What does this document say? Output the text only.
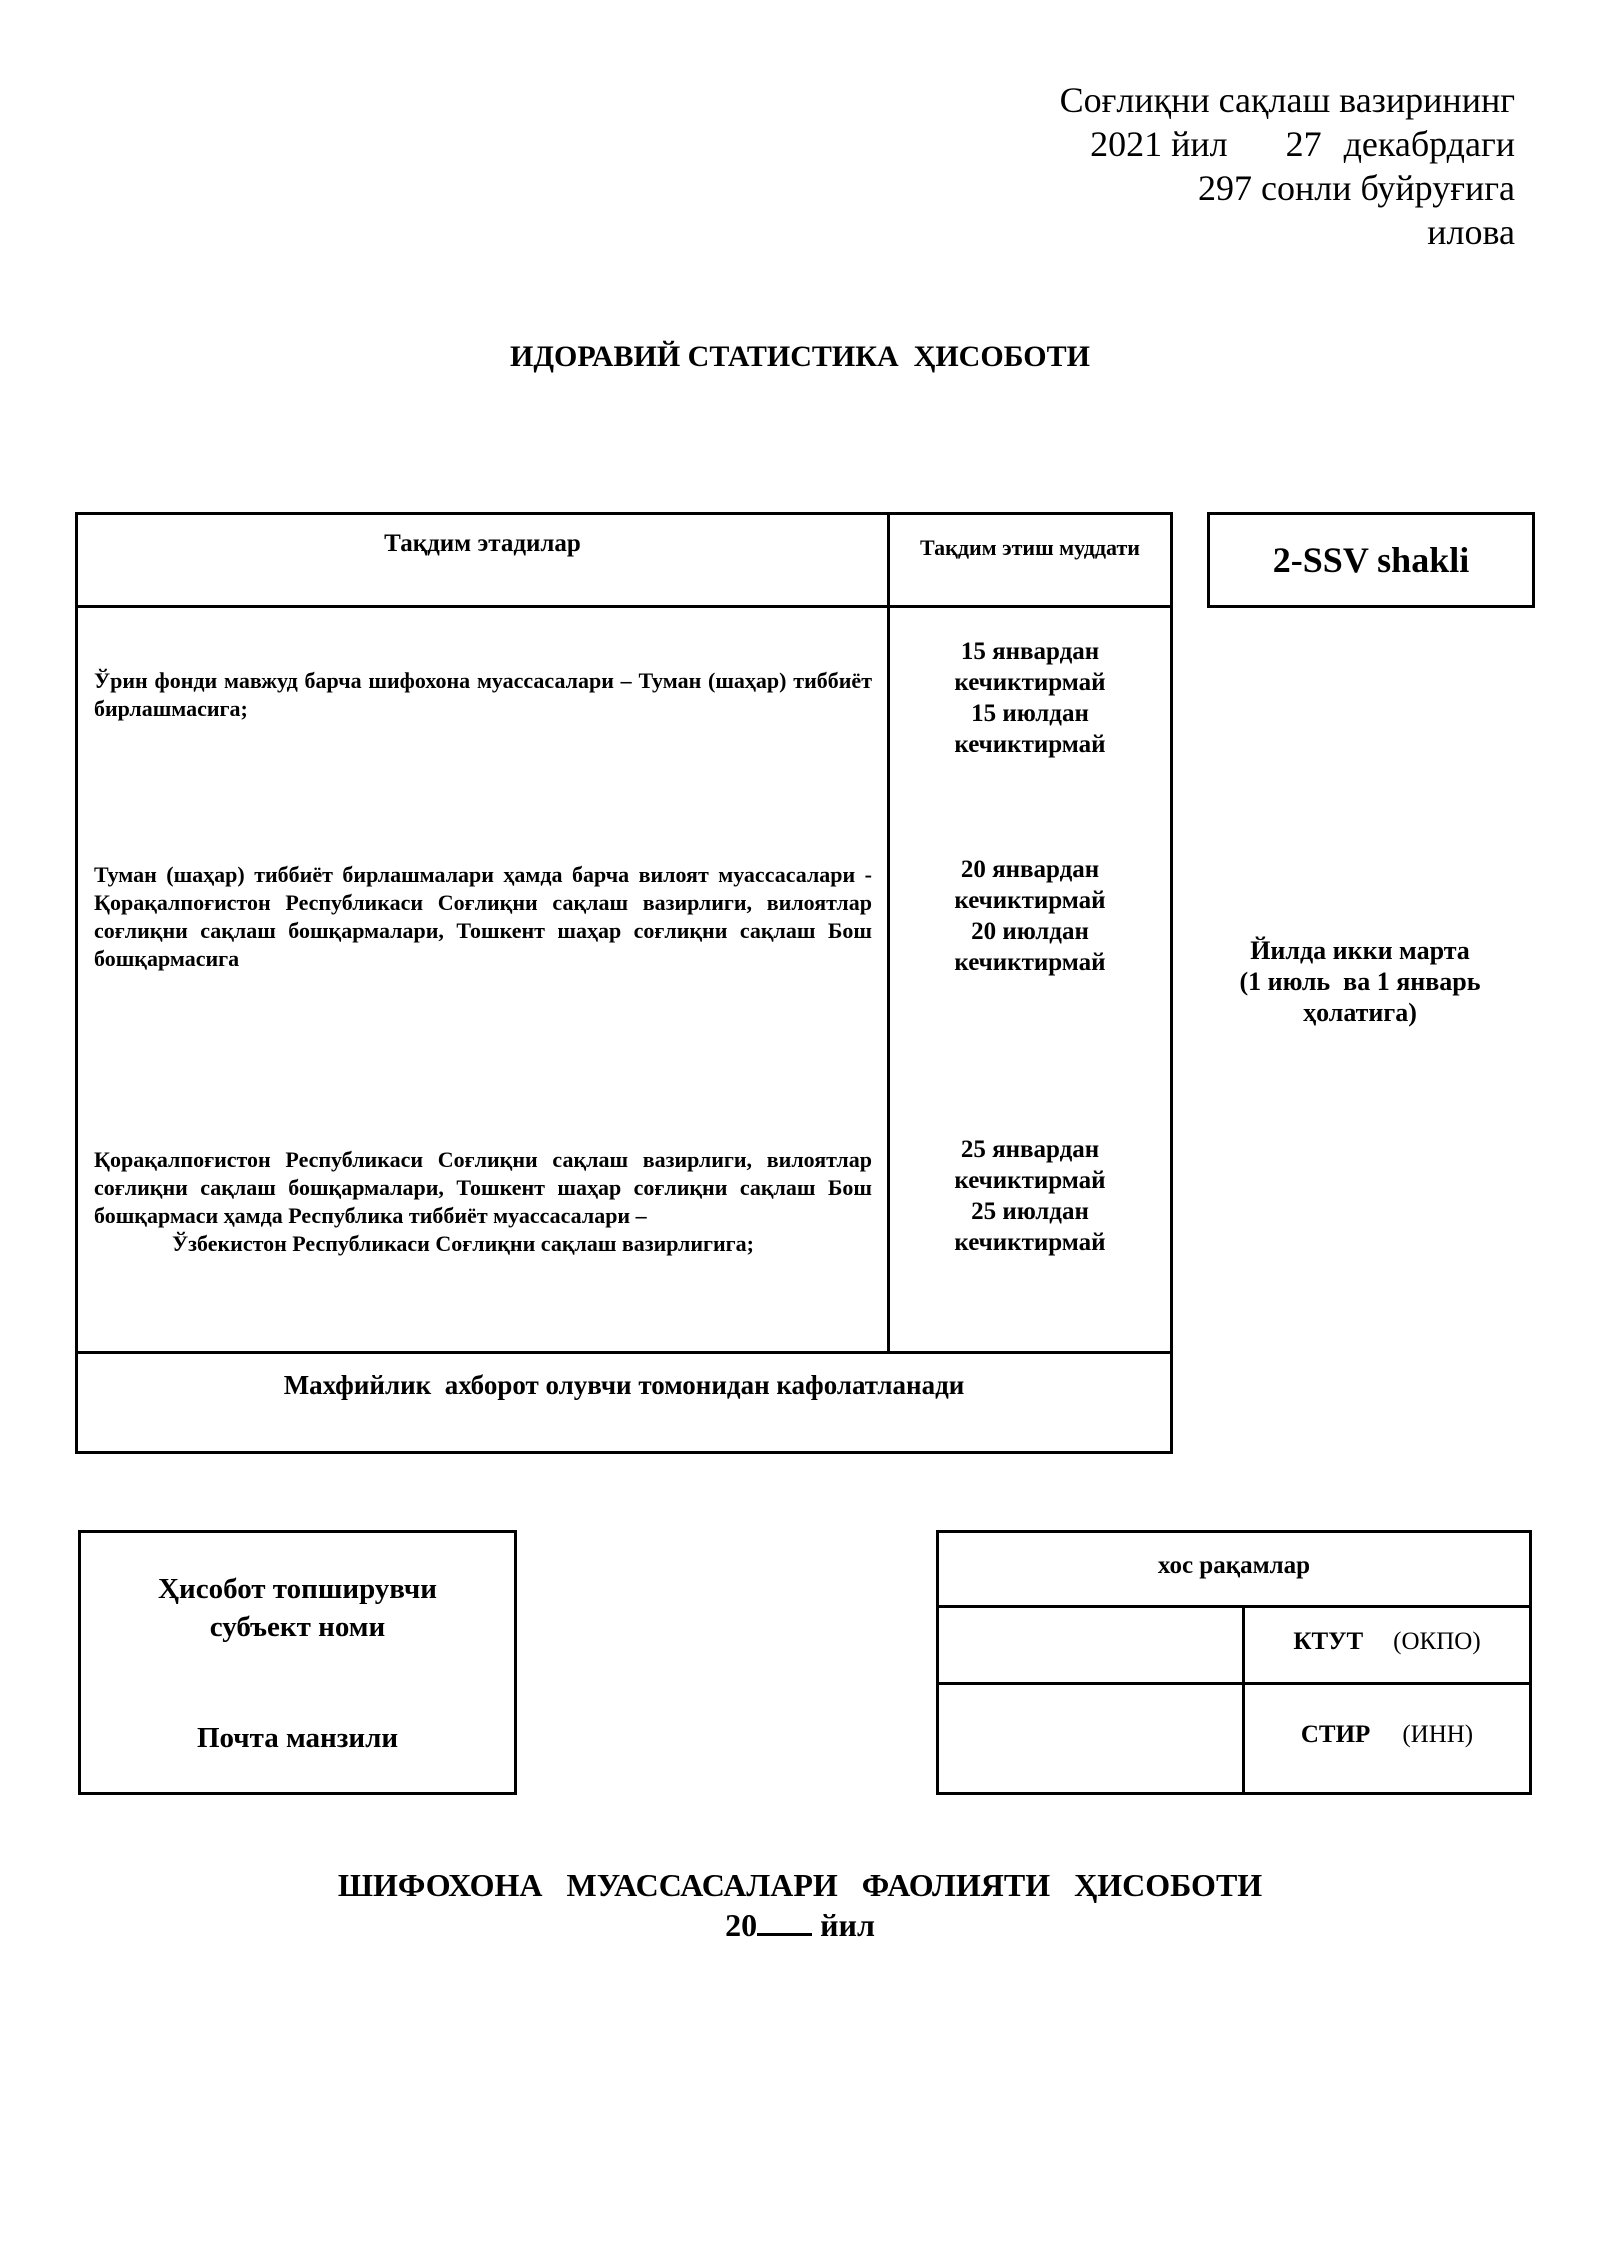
Соғлиқни сақлаш вазирининг
2021 йил 27 декабрдаги
297 сонли буйруғига
илова
ИДОРАВИЙ СТАТИСТИКА  ҲИСОБОТИ
Тақдим этадилар	Тақдим этиш муддати
Ўрин фонди мавжуд барча шифохона муассасалари – Туман (шаҳар) тиббиёт бирлашмасига;
15 январдан
кечиктирмай
15 июлдан
кечиктирмай
Туман (шаҳар) тиббиёт бирлашмалари ҳамда барча вилоят муассасалари - Қорақалпоғистон Республикаси Соғлиқни сақлаш вазирлиги, вилоятлар соғлиқни сақлаш бошқармалари, Тошкент шаҳар соғлиқни сақлаш Бош бошқармасига
20 январдан
кечиктирмай
20 июлдан
кечиктирмай
Қорақалпоғистон Республикаси Соғлиқни сақлаш вазирлиги, вилоятлар соғлиқни сақлаш бошқармалари, Тошкент шаҳар соғлиқни сақлаш Бош бошқармаси ҳамда Республика тиббиёт муассасалари –
Ўзбекистон Республикаси Соғлиқни сақлаш вазирлигига;
25 январдан
кечиктирмай
25 июлдан
кечиктирмай
Махфийлик  ахборот олувчи томонидан кафолатланади
2-SSV shakli
Йилда икки марта
(1 июль  ва 1 январь
ҳолатига)
Ҳисобот топширувчи
субъект номи
Почта манзили
хос рақамлар
КТУТ (ОКПО)
СТИР (ИНН)
ШИФОХОНА   МУАССАСАЛАРИ   ФАОЛИЯТИ   ҲИСОБОТИ
20 йил
